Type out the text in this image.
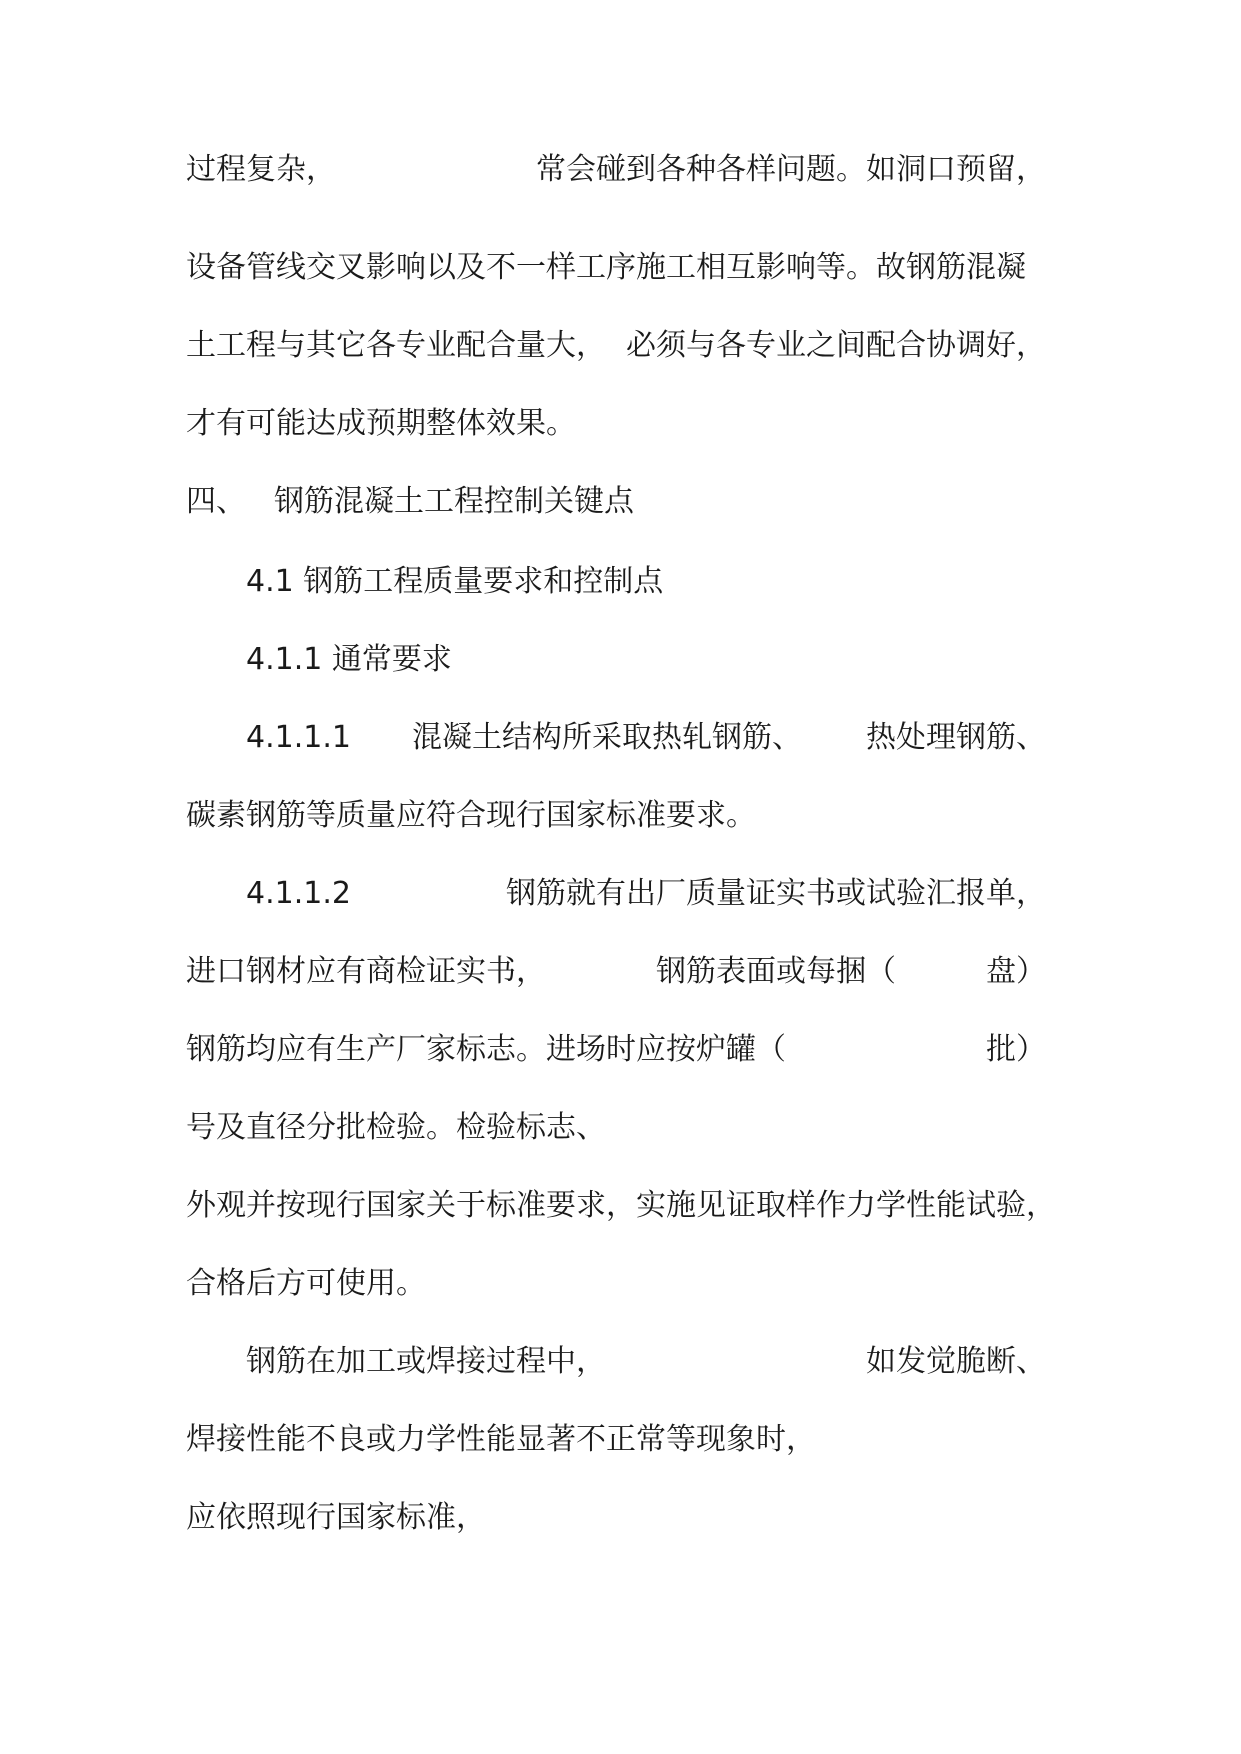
过程复杂，	常会碰到各种各样问题。如洞口预留，
设备管线交叉影响以及不一样工序施工相互影响等。故钢筋混凝
土工程与其它各专业配合量大， 必须与各专业之间配合协调好，
才有可能达成预期整体效果。
四、 钢筋混凝土工程控制关键点
4.1 钢筋工程质量要求和控制点
4.1.1 通常要求
4.1.1.1 混凝土结构所采取热轧钢筋、 热处理钢筋、
碳素钢筋等质量应符合现行国家标准要求。
4.1.1.2	钢筋就有出厂质量证实书或试验汇报单，
进口钢材应有商检证实书，	钢筋表面或每捆（	盘）
钢筋均应有生产厂家标志。进场时应按炉罐（	批）
号及直径分批检验。检验标志、
外观并按现行国家关于标准要求， 实施见证取样作力学性能试验，
合格后方可使用。
钢筋在加工或焊接过程中，	如发觉脆断、
焊接性能不良或力学性能显著不正常等现象时，
应依照现行国家标准，
